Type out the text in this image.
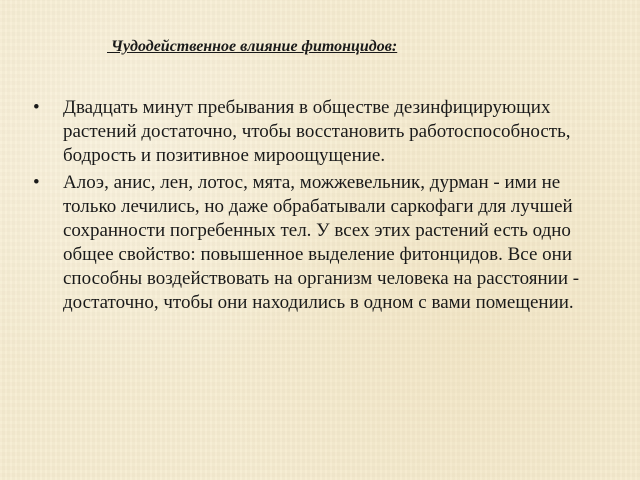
Чудодейственное влияние фитонцидов:
• Двадцать минут пребывания в обществе дезинфицирующих растений достаточно, чтобы восстановить работоспособность, бодрость и позитивное мироощущение.
• Алоэ, анис, лен, лотос, мята, можжевельник, дурман - ими не только лечились, но даже обрабатывали саркофаги для лучшей сохранности погребенных тел. У всех этих растений есть одно общее свойство: повышенное выделение фитонцидов. Все они способны воздействовать на организм человека на расстоянии - достаточно, чтобы они находились в одном с вами помещении.
